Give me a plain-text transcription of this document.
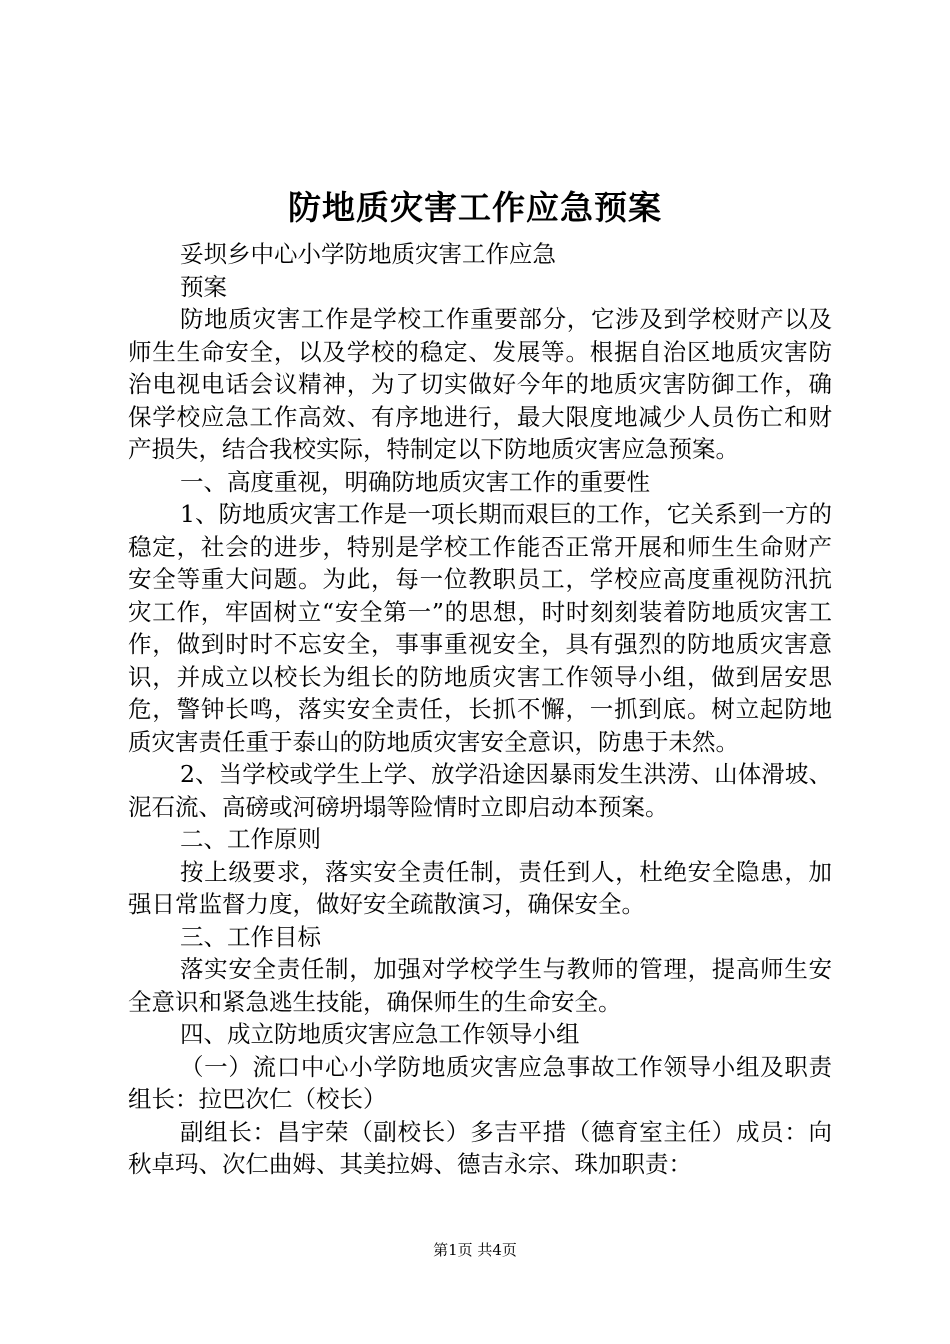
防地质灾害工作应急预案

妥坝乡中心小学防地质灾害工作应急

预案

防地质灾害工作是学校工作重要部分，它涉及到学校财产以及师生生命安全，以及学校的稳定、发展等。根据自治区地质灾害防治电视电话会议精神，为了切实做好今年的地质灾害防御工作，确保学校应急工作高效、有序地进行，最大限度地减少人员伤亡和财产损失，结合我校实际，特制定以下防地质灾害应急预案。

一、高度重视，明确防地质灾害工作的重要性

1、防地质灾害工作是一项长期而艰巨的工作，它关系到一方的稳定，社会的进步，特别是学校工作能否正常开展和师生生命财产安全等重大问题。为此，每一位教职员工，学校应高度重视防汛抗灾工作，牢固树立“安全第一”的思想，时时刻刻装着防地质灾害工作，做到时时不忘安全，事事重视安全，具有强烈的防地质灾害意识，并成立以校长为组长的防地质灾害工作领导小组，做到居安思危，警钟长鸣，落实安全责任，长抓不懈，一抓到底。树立起防地质灾害责任重于泰山的防地质灾害安全意识，防患于未然。

2、当学校或学生上学、放学沿途因暴雨发生洪涝、山体滑坡、泥石流、高磅或河磅坍塌等险情时立即启动本预案。

二、工作原则

按上级要求，落实安全责任制，责任到人，杜绝安全隐患，加强日常监督力度，做好安全疏散演习，确保安全。

三、工作目标

落实安全责任制，加强对学校学生与教师的管理，提高师生安全意识和紧急逃生技能，确保师生的生命安全。

四、成立防地质灾害应急工作领导小组

（一）流口中心小学防地质灾害应急事故工作领导小组及职责组长：拉巴次仁（校长）

副组长：昌宇荣（副校长）多吉平措（德育室主任）成员：向秋卓玛、次仁曲姆、其美拉姆、德吉永宗、珠加职责：

第1页 共4页
